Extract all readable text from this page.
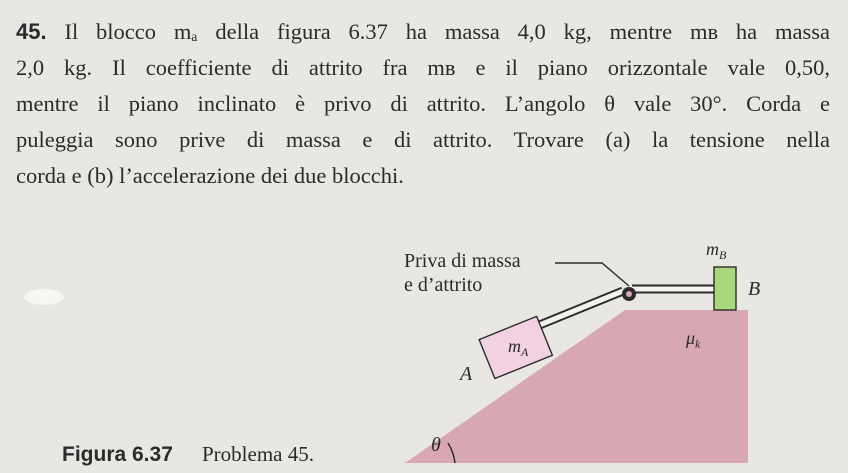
45. Il blocco mₐ della figura 6.37 ha massa 4,0 kg, mentre mʙ ha massa
2,0 kg. Il coefficiente di attrito fra mʙ e il piano orizzontale vale 0,50,
mentre il piano inclinato è privo di attrito. L’angolo θ vale 30°. Corda e
puleggia sono prive di massa e di attrito. Trovare (a) la tensione nella
corda e (b) l’accelerazione dei due blocchi.
Priva di massa
e d’attrito
$m_B$
B
$\mu_k$
$m_A$
A
θ
Figura 6.37 Problema 45.
